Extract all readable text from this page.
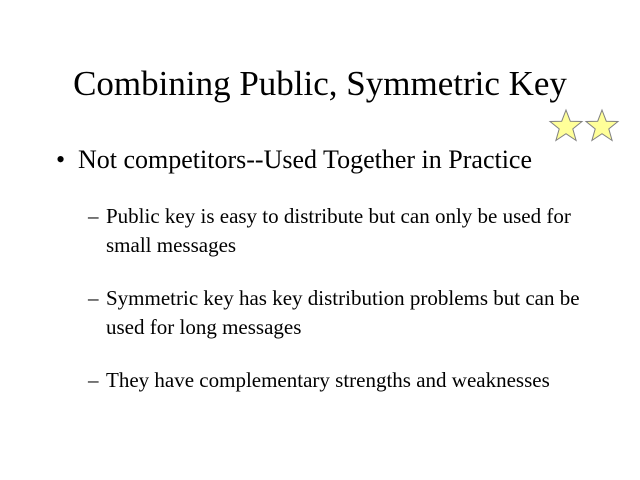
Combining Public, Symmetric Key
• Not competitors--Used Together in Practice
– Public key is easy to distribute but can only be used for small messages
– Symmetric key has key distribution problems but can be used for long messages
– They have complementary strengths and weaknesses
